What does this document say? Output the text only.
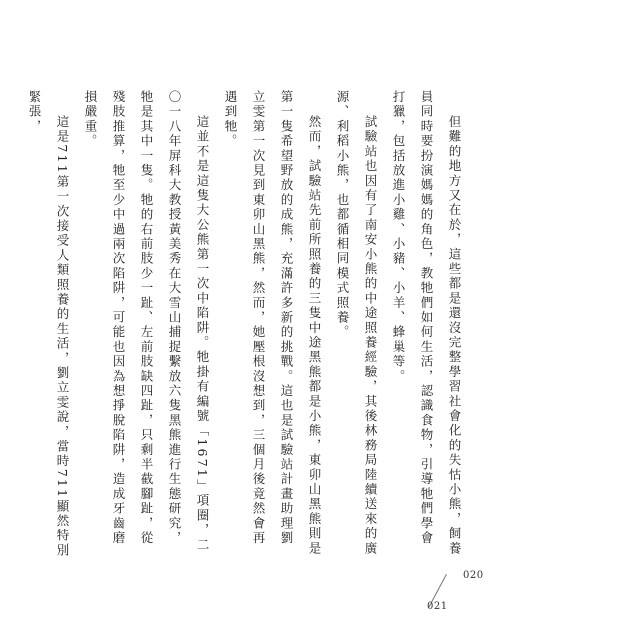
但難的地方又在於，這些都是還沒完整學習社會化的失怙小熊，飼養員同時要扮演媽媽的角色，教牠們如何生活，認識食物，引導牠們學會打獵，包括放進小雞、小豬、小羊、蜂巢等。

試驗站也因有了南安小熊的中途照養經驗，其後林務局陸續送來的廣源、利稻小熊，也都循相同模式照養。

然而，試驗站先前所照養的三隻中途黑熊都是小熊，東卯山黑熊則是第一隻希望野放的成熊，充滿許多新的挑戰。這也是試驗站計畫助理劉立雯第一次見到東卯山黑熊，然而，她壓根沒想到，三個月後竟然會再遇到牠。

這並不是這隻大公熊第一次中陷阱。牠掛有編號「1671」項圈，二〇一八年屏科大教授黃美秀在大雪山捕捉繫放六隻黑熊進行生態研究，牠是其中一隻。牠的右前肢少一趾、左前肢缺四趾，只剩半截腳趾，從殘肢推算，牠至少中過兩次陷阱，可能也因為想掙脫陷阱，造成牙齒磨損嚴重。

這是711第一次接受人類照養的生活，劉立雯說，當時711顯然特別緊張，

020
021
